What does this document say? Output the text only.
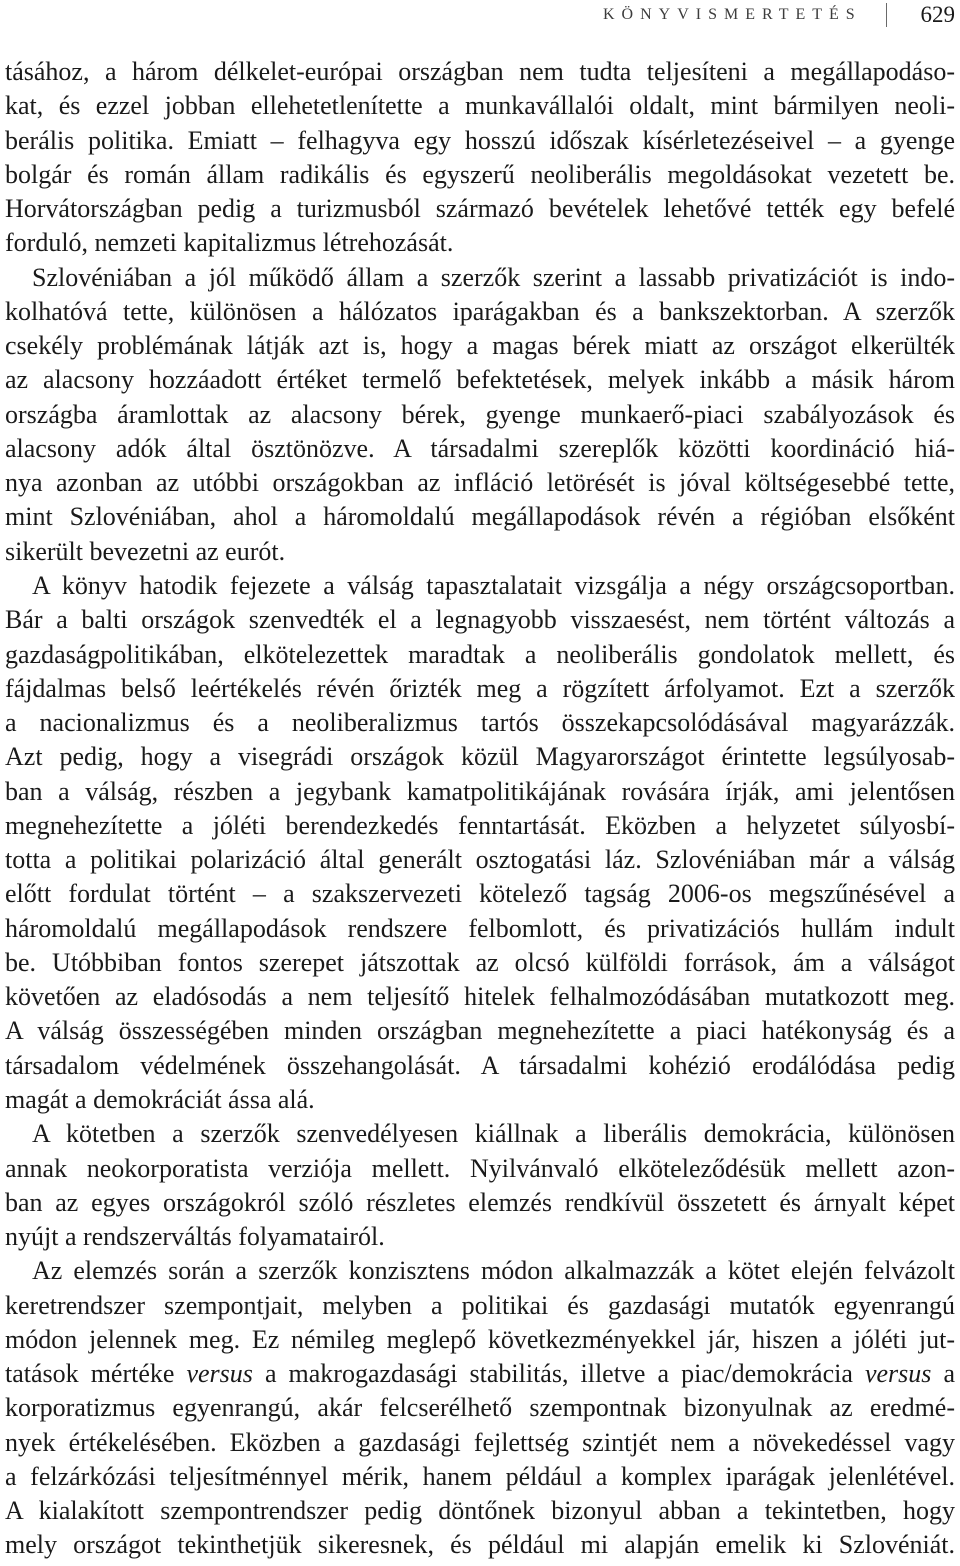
KÖNYVISMERTETÉS	629
tásához, a három délkelet-európai országban nem tudta teljesíteni a megállapodáso-
kat, és ezzel jobban ellehetetlenítette a munkavállalói oldalt, mint bármilyen neoli-
berális politika. Emiatt – felhagyva egy hosszú időszak kísérletezéseivel – a gyenge
bolgár és román állam radikális és egyszerű neoliberális megoldásokat vezetett be.
Horvátországban pedig a turizmusból származó bevételek lehetővé tették egy befelé
forduló, nemzeti kapitalizmus létrehozását.
Szlovéniában a jól működő állam a szerzők szerint a lassabb privatizációt is indo-
kolhatóvá tette, különösen a hálózatos iparágakban és a bankszektorban. A szerzők
csekély problémának látják azt is, hogy a magas bérek miatt az országot elkerülték
az alacsony hozzáadott értéket termelő befektetések, melyek inkább a másik három
országba áramlottak az alacsony bérek, gyenge munkaerő-piaci szabályozások és
alacsony adók által ösztönözve. A társadalmi szereplők közötti koordináció hiá-
nya azonban az utóbbi országokban az infláció letörését is jóval költségesebbé tette,
mint Szlovéniában, ahol a háromoldalú megállapodások révén a régióban elsőként
sikerült bevezetni az eurót.
A könyv hatodik fejezete a válság tapasztalatait vizsgálja a négy országcsoportban.
Bár a balti országok szenvedték el a legnagyobb visszaesést, nem történt változás a
gazdaságpolitikában, elkötelezettek maradtak a neoliberális gondolatok mellett, és
fájdalmas belső leértékelés révén őrizték meg a rögzített árfolyamot. Ezt a szerzők
a nacionalizmus és a neoliberalizmus tartós összekapcsolódásával magyarázzák.
Azt pedig, hogy a visegrádi országok közül Magyarországot érintette legsúlyosab-
ban a válság, részben a jegybank kamatpolitikájának rovására írják, ami jelentősen
megnehezítette a jóléti berendezkedés fenntartását. Eközben a helyzetet súlyosbí-
totta a politikai polarizáció által generált osztogatási láz. Szlovéniában már a válság
előtt fordulat történt – a szakszervezeti kötelező tagság 2006-os megszűnésével a
háromoldalú megállapodások rendszere felbomlott, és privatizációs hullám indult
be. Utóbbiban fontos szerepet játszottak az olcsó külföldi források, ám a válságot
követően az eladósodás a nem teljesítő hitelek felhalmozódásában mutatkozott meg.
A válság összességében minden országban megnehezítette a piaci hatékonyság és a
társadalom védelmének összehangolását. A társadalmi kohézió erodálódása pedig
magát a demokráciát ássa alá.
A kötetben a szerzők szenvedélyesen kiállnak a liberális demokrácia, különösen
annak neokorporatista verziója mellett. Nyilvánvaló elköteleződésük mellett azon-
ban az egyes országokról szóló részletes elemzés rendkívül összetett és árnyalt képet
nyújt a rendszerváltás folyamatairól.
Az elemzés során a szerzők konzisztens módon alkalmazzák a kötet elején felvázolt
keretrendszer szempontjait, melyben a politikai és gazdasági mutatók egyenrangú
módon jelennek meg. Ez némileg meglepő következményekkel jár, hiszen a jóléti jut-
tatások mértéke versus a makrogazdasági stabilitás, illetve a piac/demokrácia versus a
korporatizmus egyenrangú, akár felcserélhető szempontnak bizonyulnak az eredmé-
nyek értékelésében. Eközben a gazdasági fejlettség szintjét nem a növekedéssel vagy
a felzárkózási teljesítménnyel mérik, hanem például a komplex iparágak jelenlétével.
A kialakított szempontrendszer pedig döntőnek bizonyul abban a tekintetben, hogy
mely országot tekinthetjük sikeresnek, és például mi alapján emelik ki Szlovéniát.
